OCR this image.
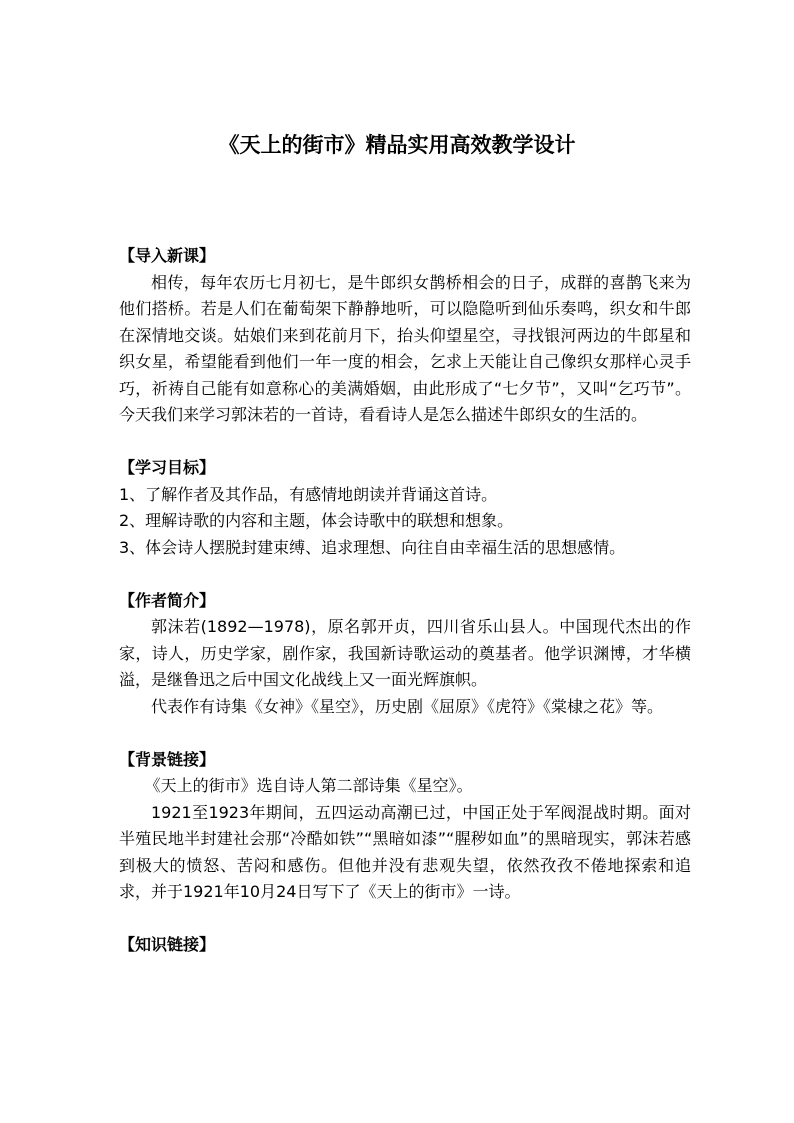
《天上的街市》精品实用高效教学设计

【导入新课】

相传，每年农历七月初七，是牛郎织女鹊桥相会的日子，成群的喜鹊飞来为他们搭桥。若是人们在葡萄架下静静地听，可以隐隐听到仙乐奏鸣，织女和牛郎在深情地交谈。姑娘们来到花前月下，抬头仰望星空，寻找银河两边的牛郎星和织女星，希望能看到他们一年一度的相会，乞求上天能让自己像织女那样心灵手巧，祈祷自己能有如意称心的美满婚姻，由此形成了“七夕节”，又叫“乞巧节”。今天我们来学习郭沫若的一首诗，看看诗人是怎么描述牛郎织女的生活的。

【学习目标】

1、了解作者及其作品，有感情地朗读并背诵这首诗。

2、理解诗歌的内容和主题，体会诗歌中的联想和想象。

3、体会诗人摆脱封建束缚、追求理想、向往自由幸福生活的思想感情。

【作者简介】

郭沫若(1892—1978)，原名郭开贞，四川省乐山县人。中国现代杰出的作家，诗人，历史学家，剧作家，我国新诗歌运动的奠基者。他学识渊博，才华横溢，是继鲁迅之后中国文化战线上又一面光辉旗帜。

代表作有诗集《女神》《星空》，历史剧《屈原》《虎符》《棠棣之花》等。

【背景链接】

《天上的街市》选自诗人第二部诗集《星空》。

1921至1923年期间，五四运动高潮已过，中国正处于军阀混战时期。面对半殖民地半封建社会那“冷酷如铁”“黑暗如漆”“腥秽如血”的黑暗现实，郭沫若感到极大的愤怒、苦闷和感伤。但他并没有悲观失望，依然孜孜不倦地探索和追求，并于1921年10月24日写下了《天上的街市》一诗。

【知识链接】
